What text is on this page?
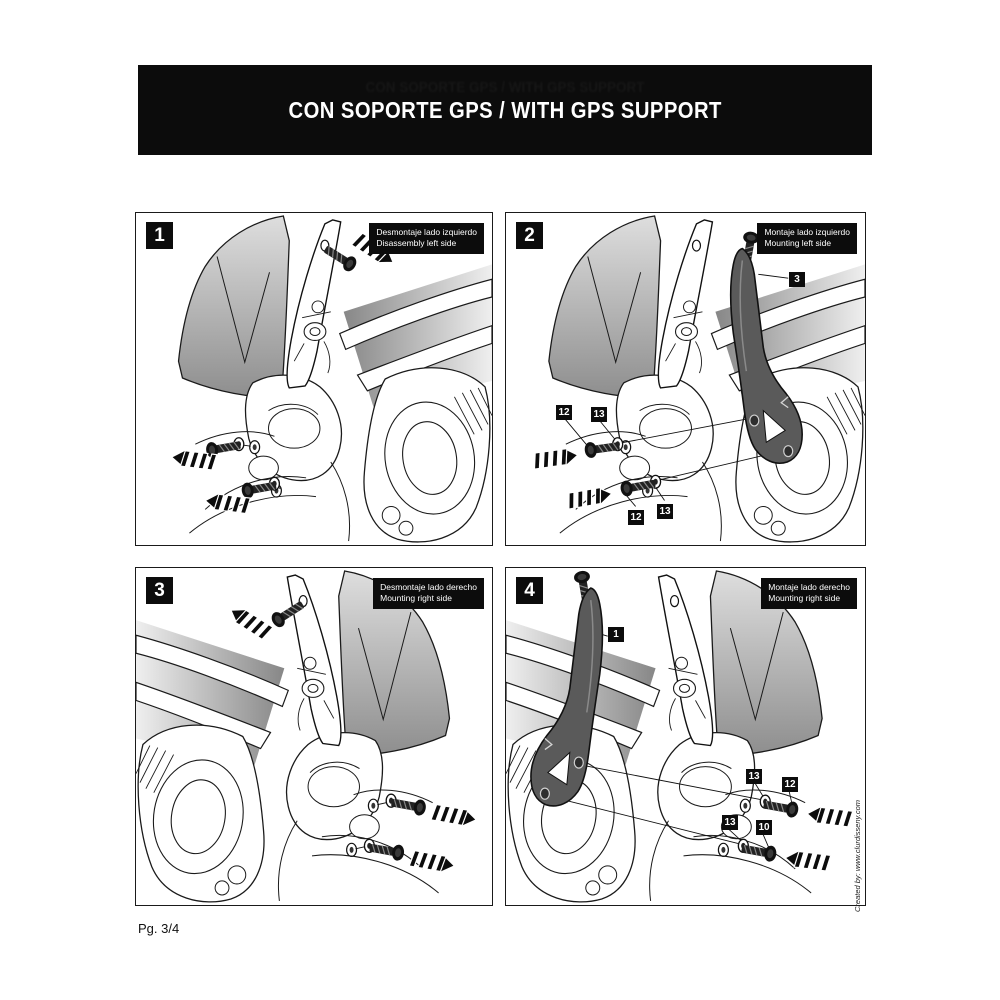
CON SOPORTE GPS / WITH GPS SUPPORT
CON SOPORTE GPS / WITH GPS SUPPORT
1	Desmontaje lado izquierdo
Disassembly left side	2	Montaje lado izquierdo
Mounting left side
3
12 13
12
13
3	Desmontaje lado derecho
Mounting right side	4	Montaje lado derecho
Mounting right side
1
13 10
13
12
Pg. 3/4
Created by: www.clurdisseny.com
